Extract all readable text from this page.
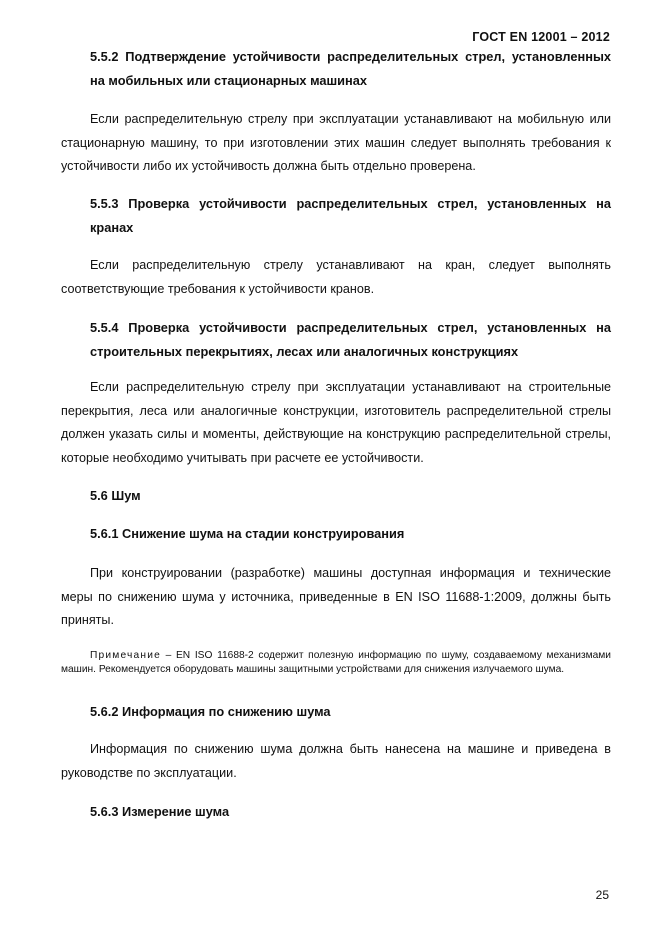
ГОСТ EN 12001 – 2012
5.5.2 Подтверждение устойчивости распределительных стрел, установленных на мобильных или стационарных машинах
Если распределительную стрелу при эксплуатации устанавливают на мобильную или стационарную машину, то при изготовлении этих машин следует выполнять требования к устойчивости либо их устойчивость должна быть отдельно проверена.
5.5.3 Проверка устойчивости распределительных стрел, установленных на кранах
Если распределительную стрелу устанавливают на кран, следует выполнять соответствующие требования к устойчивости кранов.
5.5.4 Проверка устойчивости распределительных стрел, установленных на строительных перекрытиях, лесах или аналогичных конструкциях
Если распределительную стрелу при эксплуатации устанавливают на строительные перекрытия, леса или аналогичные конструкции, изготовитель распределительной стрелы должен указать силы и моменты, действующие на конструкцию распределительной стрелы, которые необходимо учитывать при расчете ее устойчивости.
5.6 Шум
5.6.1 Снижение шума на стадии конструирования
При конструировании (разработке) машины доступная информация и технические меры по снижению шума у источника, приведенные в EN ISO 11688-1:2009, должны быть приняты.
Примечание – EN ISO 11688-2 содержит полезную информацию по шуму, создаваемому механизмами машин. Рекомендуется оборудовать машины защитными устройствами для снижения излучаемого шума.
5.6.2 Информация по снижению шума
Информация по снижению шума должна быть нанесена на машине и приведена в руководстве по эксплуатации.
5.6.3 Измерение шума
25
